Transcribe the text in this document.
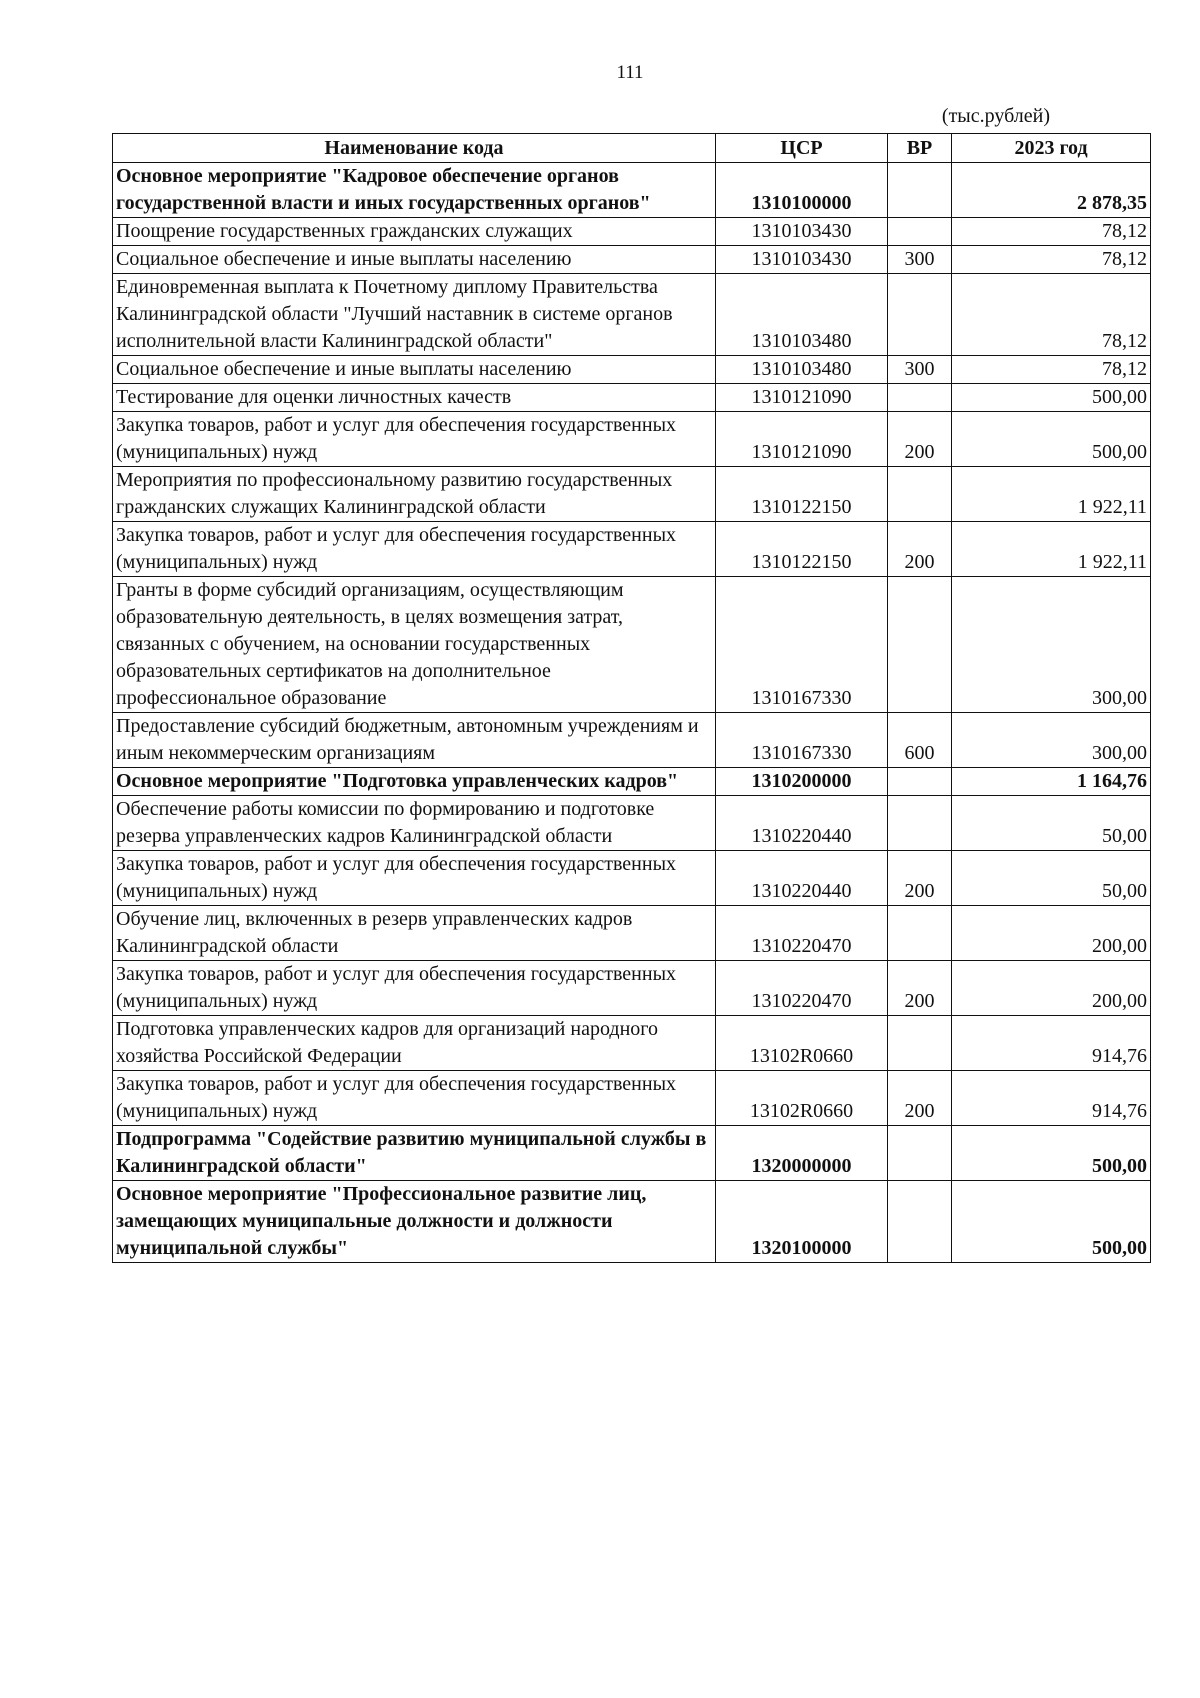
111
(тыс.рублей)
Наименование кода	ЦСР	ВР	2023 год
Основное мероприятие "Кадровое обеспечение органов государственной власти и иных государственных органов"	1310100000		2 878,35
Поощрение государственных гражданских служащих	1310103430		78,12
Социальное обеспечение и иные выплаты населению	1310103430	300	78,12
Единовременная выплата к Почетному диплому Правительства Калининградской области "Лучший наставник в системе органов исполнительной власти Калининградской области"	1310103480		78,12
Социальное обеспечение и иные выплаты населению	1310103480	300	78,12
Тестирование для оценки личностных качеств	1310121090		500,00
Закупка товаров, работ и услуг для обеспечения государственных (муниципальных) нужд	1310121090	200	500,00
Мероприятия по профессиональному развитию государственных гражданских служащих Калининградской области	1310122150		1 922,11
Закупка товаров, работ и услуг для обеспечения государственных (муниципальных) нужд	1310122150	200	1 922,11
Гранты в форме субсидий организациям, осуществляющим образовательную деятельность, в целях возмещения затрат, связанных с обучением, на основании государственных образовательных сертификатов на дополнительное профессиональное образование	1310167330		300,00
Предоставление субсидий бюджетным, автономным учреждениям и иным некоммерческим организациям	1310167330	600	300,00
Основное мероприятие "Подготовка управленческих кадров"	1310200000		1 164,76
Обеспечение работы комиссии по формированию и подготовке резерва управленческих кадров Калининградской области	1310220440		50,00
Закупка товаров, работ и услуг для обеспечения государственных (муниципальных) нужд	1310220440	200	50,00
Обучение лиц, включенных в резерв управленческих кадров Калининградской области	1310220470		200,00
Закупка товаров, работ и услуг для обеспечения государственных (муниципальных) нужд	1310220470	200	200,00
Подготовка управленческих кадров для организаций народного хозяйства Российской Федерации	13102R0660		914,76
Закупка товаров, работ и услуг для обеспечения государственных (муниципальных) нужд	13102R0660	200	914,76
Подпрограмма "Содействие развитию муниципальной службы в Калининградской области"	1320000000		500,00
Основное мероприятие "Профессиональное развитие лиц, замещающих муниципальные должности и должности муниципальной службы"	1320100000		500,00
